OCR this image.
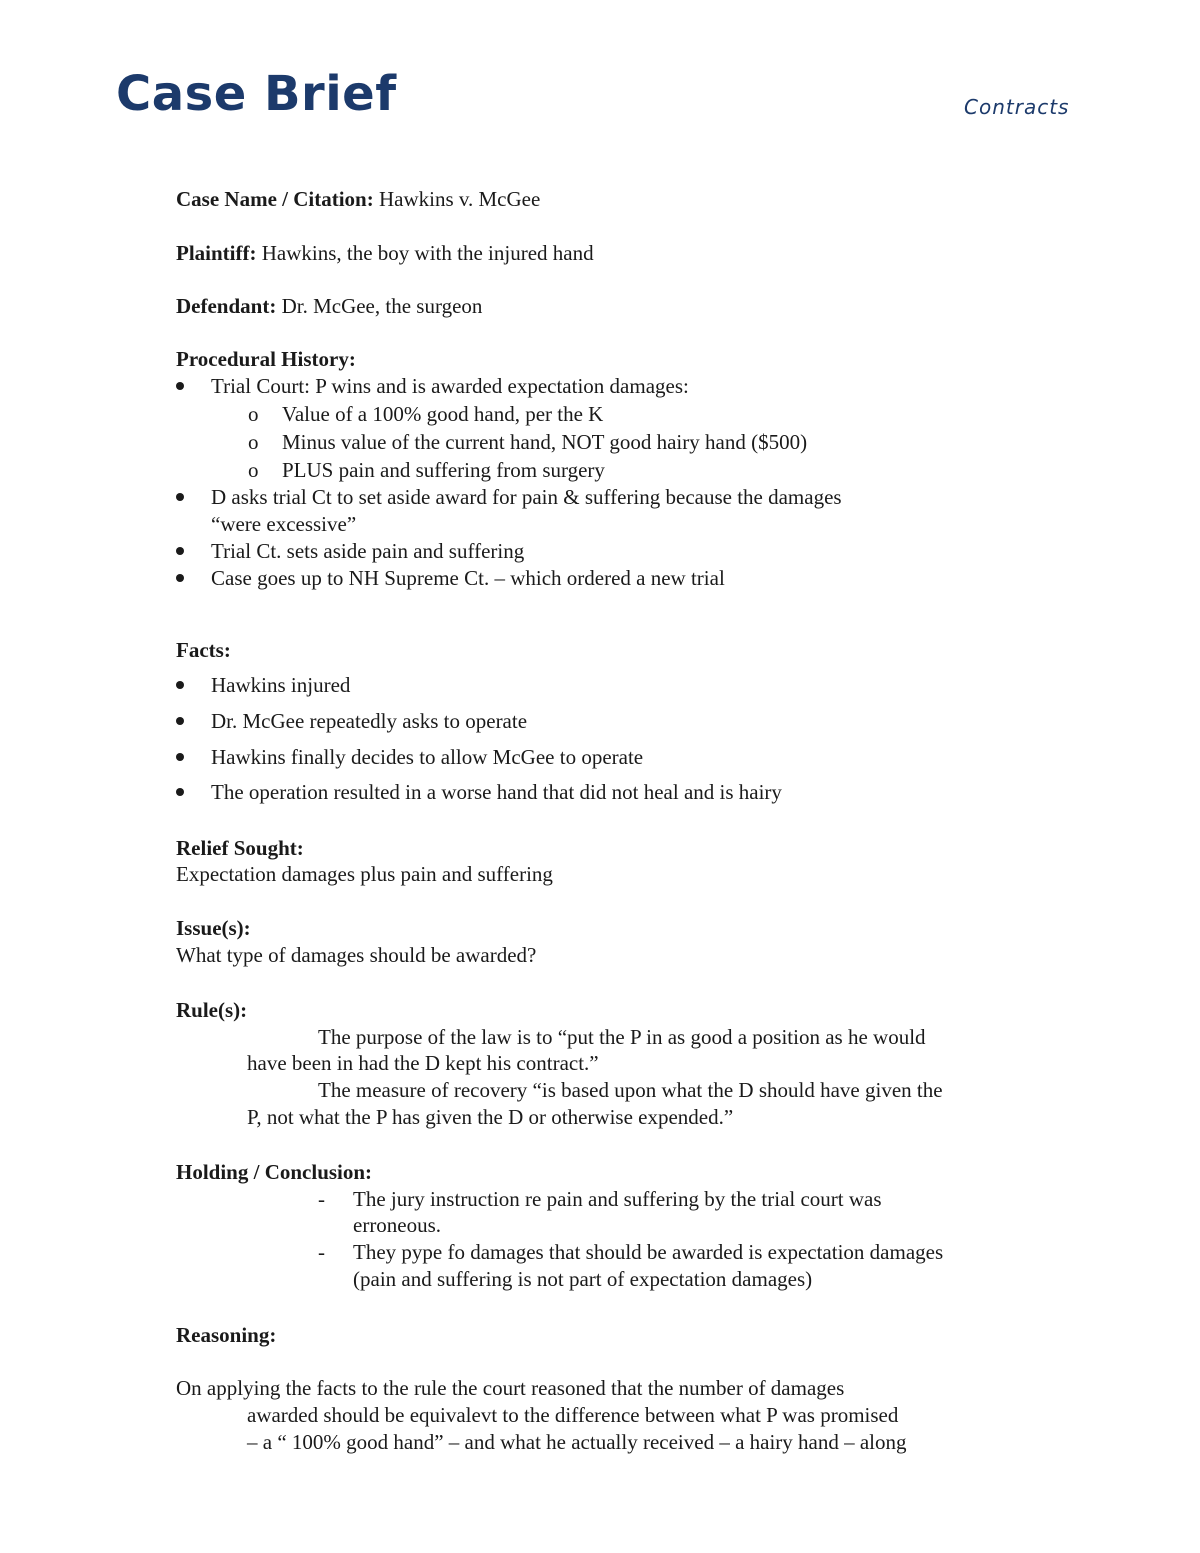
Case Brief	Contracts
Case Name / Citation: Hawkins v. McGee
Plaintiff: Hawkins, the boy with the injured hand
Defendant: Dr. McGee, the surgeon
Procedural History:
Trial Court: P wins and is awarded expectation damages:
o Value of a 100% good hand, per the K
o Minus value of the current hand, NOT good hairy hand ($500)
o PLUS pain and suffering from surgery
D asks trial Ct to set aside award for pain & suffering because the damages
“were excessive”
Trial Ct. sets aside pain and suffering
Case goes up to NH Supreme Ct. – which ordered a new trial
Facts:
Hawkins injured
Dr. McGee repeatedly asks to operate
Hawkins finally decides to allow McGee to operate
The operation resulted in a worse hand that did not heal and is hairy
Relief Sought:
Expectation damages plus pain and suffering
Issue(s):
What type of damages should be awarded?
Rule(s):
The purpose of the law is to “put the P in as good a position as he would
have been in had the D kept his contract.”
The measure of recovery “is based upon what the D should have given the
P, not what the P has given the D or otherwise expended.”
Holding / Conclusion:
- The jury instruction re pain and suffering by the trial court was
erroneous.
- They pype fo damages that should be awarded is expectation damages
(pain and suffering is not part of expectation damages)
Reasoning:
On applying the facts to the rule the court reasoned that the number of damages
awarded should be equivalevt to the difference between what P was promised
– a “ 100% good hand” – and what he actually received – a hairy hand – along
